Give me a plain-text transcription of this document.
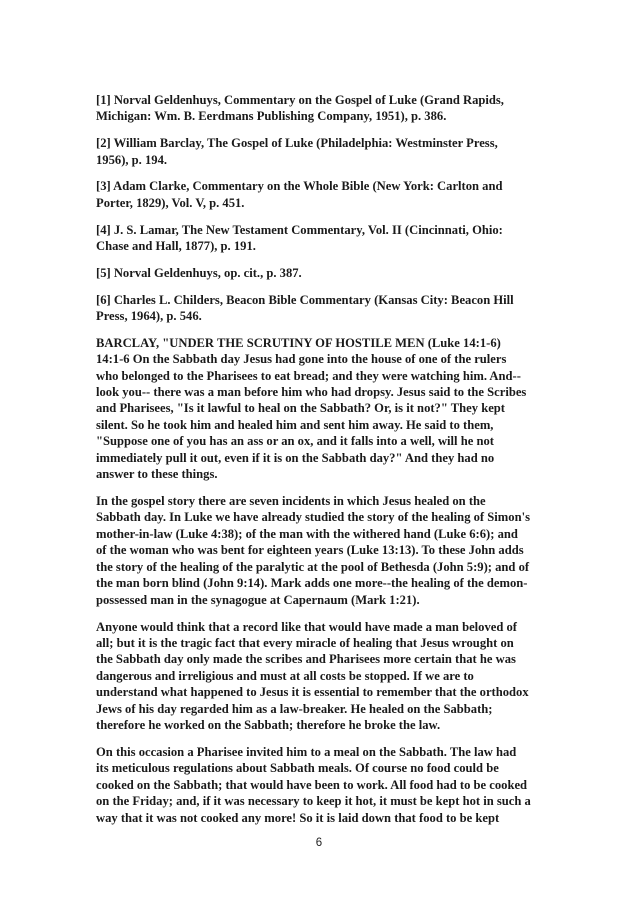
[1] Norval Geldenhuys, Commentary on the Gospel of Luke (Grand Rapids,
Michigan: Wm. B. Eerdmans Publishing Company, 1951), p. 386.
[2] William Barclay, The Gospel of Luke (Philadelphia: Westminster Press,
1956), p. 194.
[3] Adam Clarke, Commentary on the Whole Bible (New York: Carlton and
Porter, 1829), Vol. V, p. 451.
[4] J. S. Lamar, The New Testament Commentary, Vol. II (Cincinnati, Ohio:
Chase and Hall, 1877), p. 191.
[5] Norval Geldenhuys, op. cit., p. 387.
[6] Charles L. Childers, Beacon Bible Commentary (Kansas City: Beacon Hill
Press, 1964), p. 546.
BARCLAY, "UNDER THE SCRUTINY OF HOSTILE MEN (Luke 14:1-6)
14:1-6 On the Sabbath day Jesus had gone into the house of one of the rulers
who belonged to the Pharisees to eat bread; and they were watching him. And--
look you-- there was a man before him who had dropsy. Jesus said to the Scribes
and Pharisees, "Is it lawful to heal on the Sabbath? Or, is it not?" They kept
silent. So he took him and healed him and sent him away. He said to them,
"Suppose one of you has an ass or an ox, and it falls into a well, will he not
immediately pull it out, even if it is on the Sabbath day?" And they had no
answer to these things.
In the gospel story there are seven incidents in which Jesus healed on the
Sabbath day. In Luke we have already studied the story of the healing of Simon's
mother-in-law (Luke 4:38); of the man with the withered hand (Luke 6:6); and
of the woman who was bent for eighteen years (Luke 13:13). To these John adds
the story of the healing of the paralytic at the pool of Bethesda (John 5:9); and of
the man born blind (John 9:14). Mark adds one more--the healing of the demon-
possessed man in the synagogue at Capernaum (Mark 1:21).
Anyone would think that a record like that would have made a man beloved of
all; but it is the tragic fact that every miracle of healing that Jesus wrought on
the Sabbath day only made the scribes and Pharisees more certain that he was
dangerous and irreligious and must at all costs be stopped. If we are to
understand what happened to Jesus it is essential to remember that the orthodox
Jews of his day regarded him as a law-breaker. He healed on the Sabbath;
therefore he worked on the Sabbath; therefore he broke the law.
On this occasion a Pharisee invited him to a meal on the Sabbath. The law had
its meticulous regulations about Sabbath meals. Of course no food could be
cooked on the Sabbath; that would have been to work. All food had to be cooked
on the Friday; and, if it was necessary to keep it hot, it must be kept hot in such a
way that it was not cooked any more! So it is laid down that food to be kept
6
